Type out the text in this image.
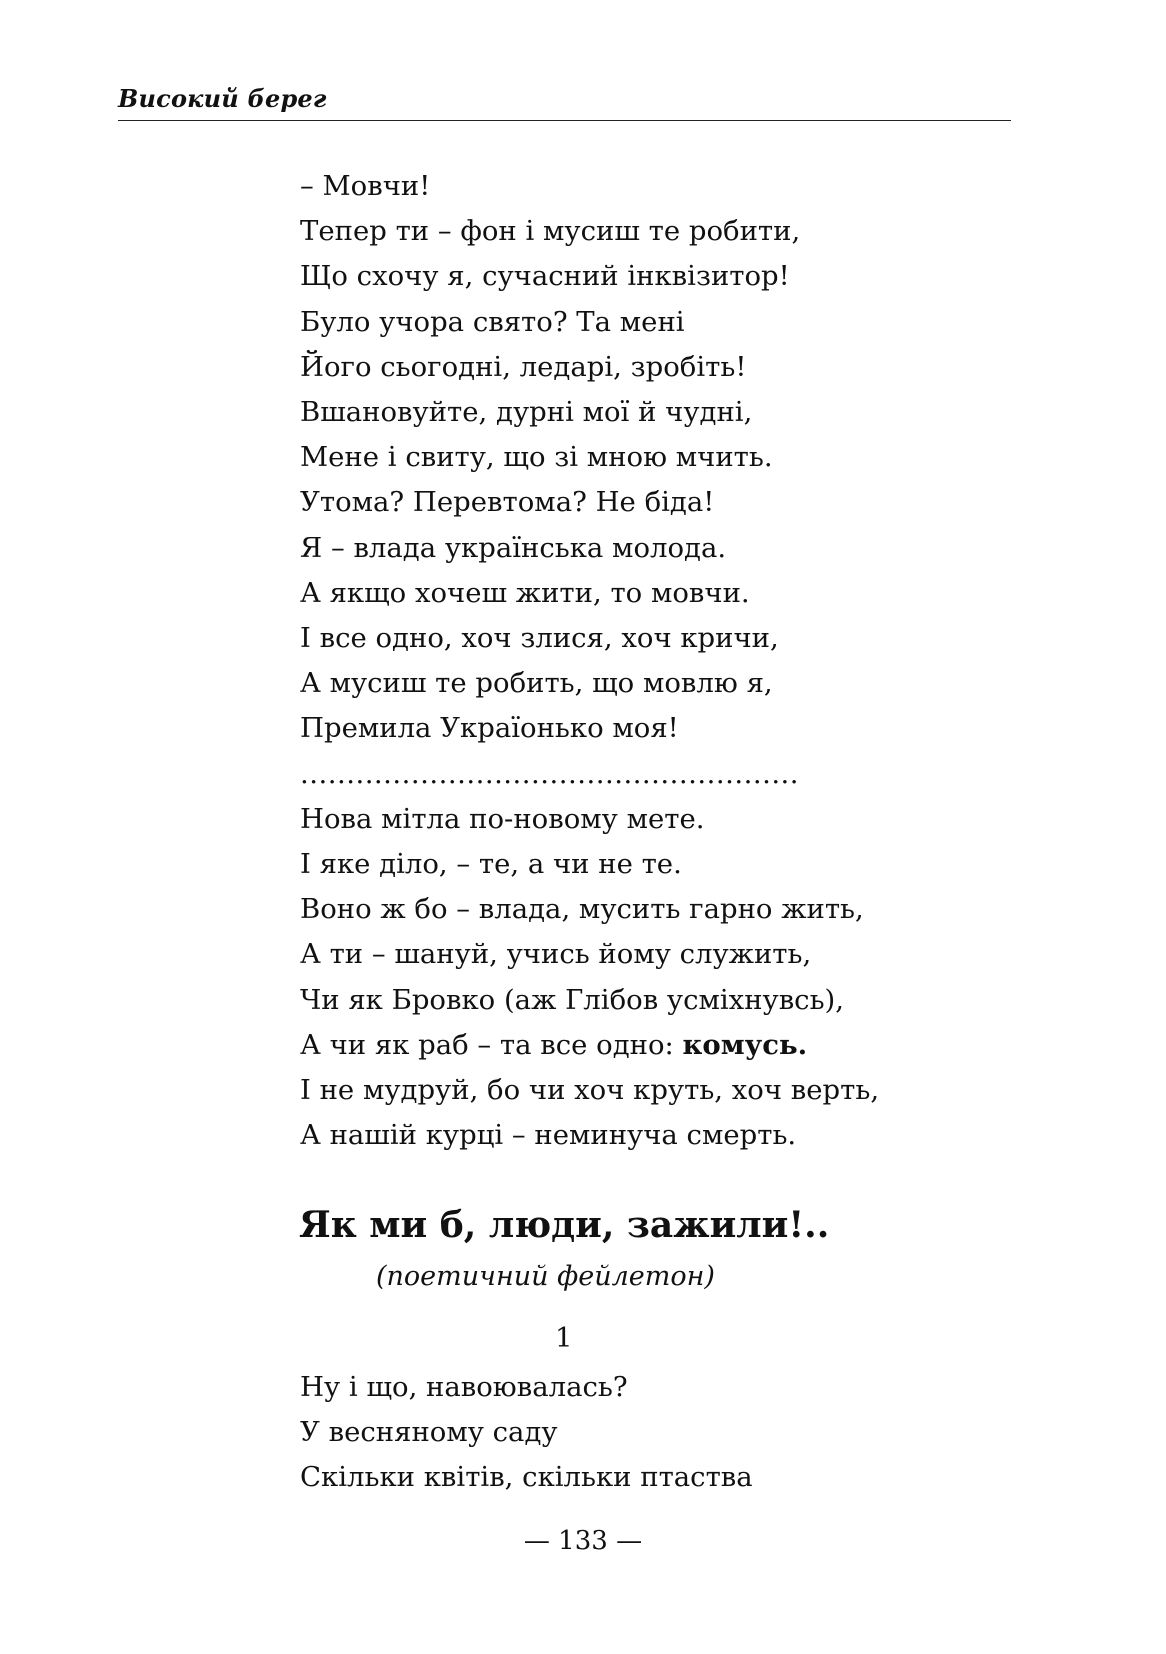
Високий берег
– Мовчи!
Тепер ти – фон і мусиш те робити,
Що схочу я, сучасний інквізитор!
Було учора свято? Та мені
Його сьогодні, ледарі, зробіть!
Вшановуйте, дурні мої й чудні,
Мене і свиту, що зі мною мчить.
Утома? Перевтома? Не біда!
Я – влада українська молода.
А якщо хочеш жити, то мовчи.
І все одно, хоч злися, хоч кричи,
А мусиш те робить, що мовлю я,
Премила Україонько моя!
......................................................
Нова мітла по-новому мете.
І яке діло, – те, а чи не те.
Воно ж бо – влада, мусить гарно жить,
А ти – шануй, учись йому служить,
Чи як Бровко (аж Глібов усміхнувсь),
А чи як раб – та все одно: комусь.
І не мудруй, бо чи хоч круть, хоч верть,
А нашій курці – неминуча смерть.
Як ми б, люди, зажили!..
(поетичний фейлетон)
1
Ну і що, навоювалась?
У весняному саду
Скільки квітів, скільки птаства
— 133 —
